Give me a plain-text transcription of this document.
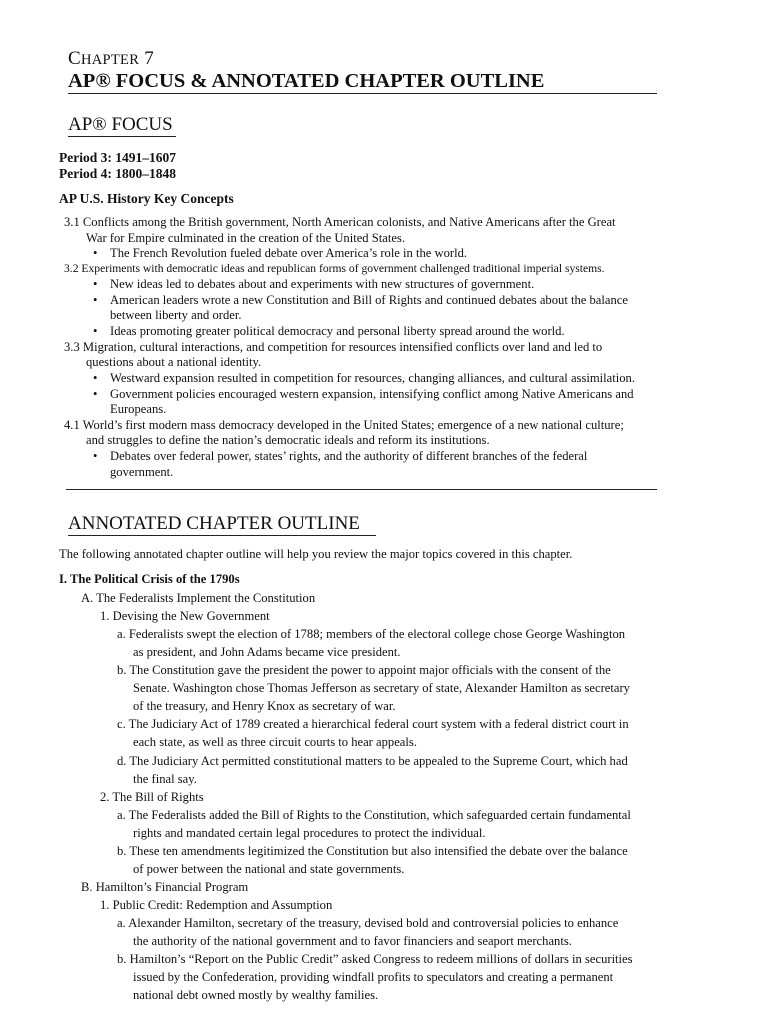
CHAPTER 7
AP® FOCUS & ANNOTATED CHAPTER OUTLINE
AP® FOCUS
Period 3: 1491–1607
Period 4: 1800–1848
AP U.S. History Key Concepts
3.1 Conflicts among the British government, North American colonists, and Native Americans after the Great
War for Empire culminated in the creation of the United States.
• The French Revolution fueled debate over America’s role in the world.
3.2 Experiments with democratic ideas and republican forms of government challenged traditional imperial systems.
• New ideas led to debates about and experiments with new structures of government.
• American leaders wrote a new Constitution and Bill of Rights and continued debates about the balance
between liberty and order.
• Ideas promoting greater political democracy and personal liberty spread around the world.
3.3 Migration, cultural interactions, and competition for resources intensified conflicts over land and led to
questions about a national identity.
• Westward expansion resulted in competition for resources, changing alliances, and cultural assimilation.
• Government policies encouraged western expansion, intensifying conflict among Native Americans and
Europeans.
4.1 World’s first modern mass democracy developed in the United States; emergence of a new national culture;
and struggles to define the nation’s democratic ideals and reform its institutions.
• Debates over federal power, states’ rights, and the authority of different branches of the federal
government.
ANNOTATED CHAPTER OUTLINE
The following annotated chapter outline will help you review the major topics covered in this chapter.
I. The Political Crisis of the 1790s
A. The Federalists Implement the Constitution
1. Devising the New Government
a. Federalists swept the election of 1788; members of the electoral college chose George Washington
as president, and John Adams became vice president.
b. The Constitution gave the president the power to appoint major officials with the consent of the
Senate. Washington chose Thomas Jefferson as secretary of state, Alexander Hamilton as secretary
of the treasury, and Henry Knox as secretary of war.
c. The Judiciary Act of 1789 created a hierarchical federal court system with a federal district court in
each state, as well as three circuit courts to hear appeals.
d. The Judiciary Act permitted constitutional matters to be appealed to the Supreme Court, which had
the final say.
2. The Bill of Rights
a. The Federalists added the Bill of Rights to the Constitution, which safeguarded certain fundamental
rights and mandated certain legal procedures to protect the individual.
b. These ten amendments legitimized the Constitution but also intensified the debate over the balance
of power between the national and state governments.
B. Hamilton’s Financial Program
1. Public Credit: Redemption and Assumption
a. Alexander Hamilton, secretary of the treasury, devised bold and controversial policies to enhance
the authority of the national government and to favor financiers and seaport merchants.
b. Hamilton’s “Report on the Public Credit” asked Congress to redeem millions of dollars in securities
issued by the Confederation, providing windfall profits to speculators and creating a permanent
national debt owned mostly by wealthy families.
